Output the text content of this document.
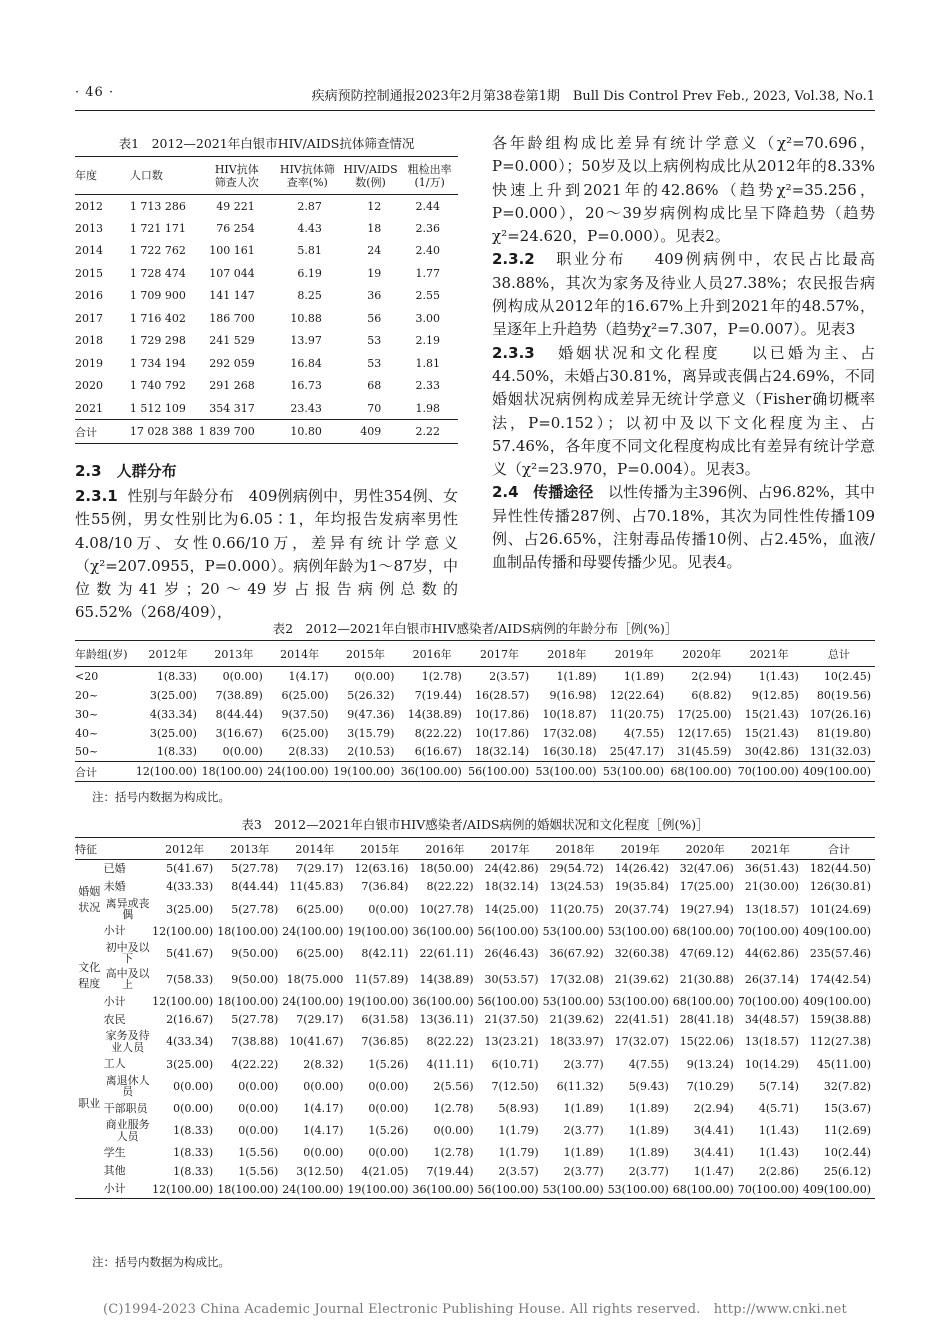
· 46 ·	疾病预防控制通报2023年2月第38卷第1期　Bull Dis Control Prev Feb., 2023, Vol.38, No.1
表1　2012—2021年白银市HIV/AIDS抗体筛查情况
年度	人口数	HIV抗体筛查人次	HIV抗体筛查率(%)	HIV/AIDS数(例)	粗检出率(1/万)

2012	1 713 286	49 221	2.87	12	2.44
2013	1 721 171	76 254	4.43	18	2.36
2014	1 722 762	100 161	5.81	24	2.40
2015	1 728 474	107 044	6.19	19	1.77
2016	1 709 900	141 147	8.25	36	2.55
2017	1 716 402	186 700	10.88	56	3.00
2018	1 729 298	241 529	13.97	53	2.19
2019	1 734 194	292 059	16.84	53	1.81
2020	1 740 792	291 268	16.73	68	2.33
2021	1 512 109	354 317	23.43	70	1.98
合计	17 028 388	1 839 700	10.80	409	2.22
2.3　人群分布
2.3.1 性别与年龄分布 409例病例中，男性354例、女性55例，男女性别比为6.05∶1，年均报告发病率男性4.08/10万、女性0.66/10万，差异有统计学意义（χ²=207.0955，P=0.000）。病例年龄为1～87岁，中位数为41岁；20～49岁占报告病例总数的65.52%（268/409），
各年龄组构成比差异有统计学意义（χ²=70.696，P=0.000）；50岁及以上病例构成比从2012年的8.33%快速上升到2021年的42.86%（趋势χ²=35.256，P=0.000），20～39岁病例构成比呈下降趋势（趋势χ²=24.620，P=0.000）。见表2。
2.3.2 职业分布 409例病例中，农民占比最高38.88%，其次为家务及待业人员27.38%；农民报告病例构成从2012年的16.67%上升到2021年的48.57%，呈逐年上升趋势（趋势χ²=7.307，P=0.007）。见表3
2.3.3 婚姻状况和文化程度 以已婚为主、占44.50%，未婚占30.81%，离异或丧偶占24.69%，不同婚姻状况病例构成差异无统计学意义（Fisher确切概率法，P=0.152）；以初中及以下文化程度为主、占57.46%，各年度不同文化程度构成比有差异有统计学意义（χ²=23.970，P=0.004）。见表3。
2.4 传播途径 以性传播为主396例、占96.82%，其中异性性传播287例、占70.18%，其次为同性性传播109例、占26.65%，注射毒品传播10例、占2.45%，血液/血制品传播和母婴传播少见。见表4。
表2　2012—2021年白银市HIV感染者/AIDS病例的年龄分布［例(%)］
年龄组(岁)	2012年	2013年	2014年	2015年	2016年	2017年	2018年	2019年	2020年	2021年	总计
<20	1(8.33)	0(0.00)	1(4.17)	0(0.00)	1(2.78)	2(3.57)	1(1.89)	1(1.89)	2(2.94)	1(1.43)	10(2.45)
20~	3(25.00)	7(38.89)	6(25.00)	5(26.32)	7(19.44)	16(28.57)	9(16.98)	12(22.64)	6(8.82)	9(12.85)	80(19.56)
30~	4(33.34)	8(44.44)	9(37.50)	9(47.36)	14(38.89)	10(17.86)	10(18.87)	11(20.75)	17(25.00)	15(21.43)	107(26.16)
40~	3(25.00)	3(16.67)	6(25.00)	3(15.79)	8(22.22)	10(17.86)	17(32.08)	4(7.55)	12(17.65)	15(21.43)	81(19.80)
50~	1(8.33)	0(0.00)	2(8.33)	2(10.53)	6(16.67)	18(32.14)	16(30.18)	25(47.17)	31(45.59)	30(42.86)	131(32.03)
合计	12(100.00)	18(100.00)	24(100.00)	19(100.00)	36(100.00)	56(100.00)	53(100.00)	53(100.00)	68(100.00)	70(100.00)	409(100.00)
注：括号内数据为构成比。
表3　2012—2021年白银市HIV感染者/AIDS病例的婚姻状况和文化程度［例(%)］
特征		2012年	2013年	2014年	2015年	2016年	2017年	2018年	2019年	2020年	2021年	合计

婚姻状况	已婚	5(41.67)	5(27.78)	7(29.17)	12(63.16)	18(50.00)	24(42.86)	29(54.72)	14(26.42)	32(47.06)	36(51.43)	182(44.50)

	未婚	4(33.33)	8(44.44)	11(45.83)	7(36.84)	8(22.22)	18(32.14)	13(24.53)	19(35.84)	17(25.00)	21(30.00)	126(30.81)

	离异或丧偶	3(25.00)	5(27.78)	6(25.00)	0(0.00)	10(27.78)	14(25.00)	11(20.75)	20(37.74)	19(27.94)	13(18.57)	101(24.69)

	小计	12(100.00)	18(100.00)	24(100.00)	19(100.00)	36(100.00)	56(100.00)	53(100.00)	53(100.00)	68(100.00)	70(100.00)	409(100.00)

文化程度	初中及以下	5(41.67)	9(50.00)	6(25.00)	8(42.11)	22(61.11)	26(46.43)	36(67.92)	32(60.38)	47(69.12)	44(62.86)	235(57.46)

	高中及以上	7(58.33)	9(50.00)	18(75.000	11(57.89)	14(38.89)	30(53.57)	17(32.08)	21(39.62)	21(30.88)	26(37.14)	174(42.54)

	小计	12(100.00)	18(100.00)	24(100.00)	19(100.00)	36(100.00)	56(100.00)	53(100.00)	53(100.00)	68(100.00)	70(100.00)	409(100.00)

职业	农民	2(16.67)	5(27.78)	7(29.17)	6(31.58)	13(36.11)	21(37.50)	21(39.62)	22(41.51)	28(41.18)	34(48.57)	159(38.88)

	家务及待业人员	4(33.34)	7(38.88)	10(41.67)	7(36.85)	8(22.22)	13(23.21)	18(33.97)	17(32.07)	15(22.06)	13(18.57)	112(27.38)

	工人	3(25.00)	4(22.22)	2(8.32)	1(5.26)	4(11.11)	6(10.71)	2(3.77)	4(7.55)	9(13.24)	10(14.29)	45(11.00)

	离退休人员	0(0.00)	0(0.00)	0(0.00)	0(0.00)	2(5.56)	7(12.50)	6(11.32)	5(9.43)	7(10.29)	5(7.14)	32(7.82)

	干部职员	0(0.00)	0(0.00)	1(4.17)	0(0.00)	1(2.78)	5(8.93)	1(1.89)	1(1.89)	2(2.94)	4(5.71)	15(3.67)

	商业服务人员	1(8.33)	0(0.00)	1(4.17)	1(5.26)	0(0.00)	1(1.79)	2(3.77)	1(1.89)	3(4.41)	1(1.43)	11(2.69)

	学生	1(8.33)	1(5.56)	0(0.00)	0(0.00)	1(2.78)	1(1.79)	1(1.89)	1(1.89)	3(4.41)	1(1.43)	10(2.44)

	其他	1(8.33)	1(5.56)	3(12.50)	4(21.05)	7(19.44)	2(3.57)	2(3.77)	2(3.77)	1(1.47)	2(2.86)	25(6.12)

	小计	12(100.00)	18(100.00)	24(100.00)	19(100.00)	36(100.00)	56(100.00)	53(100.00)	53(100.00)	68(100.00)	70(100.00)	409(100.00)
注：括号内数据为构成比。
(C)1994-2023 China Academic Journal Electronic Publishing House. All rights reserved.　http://www.cnki.net
